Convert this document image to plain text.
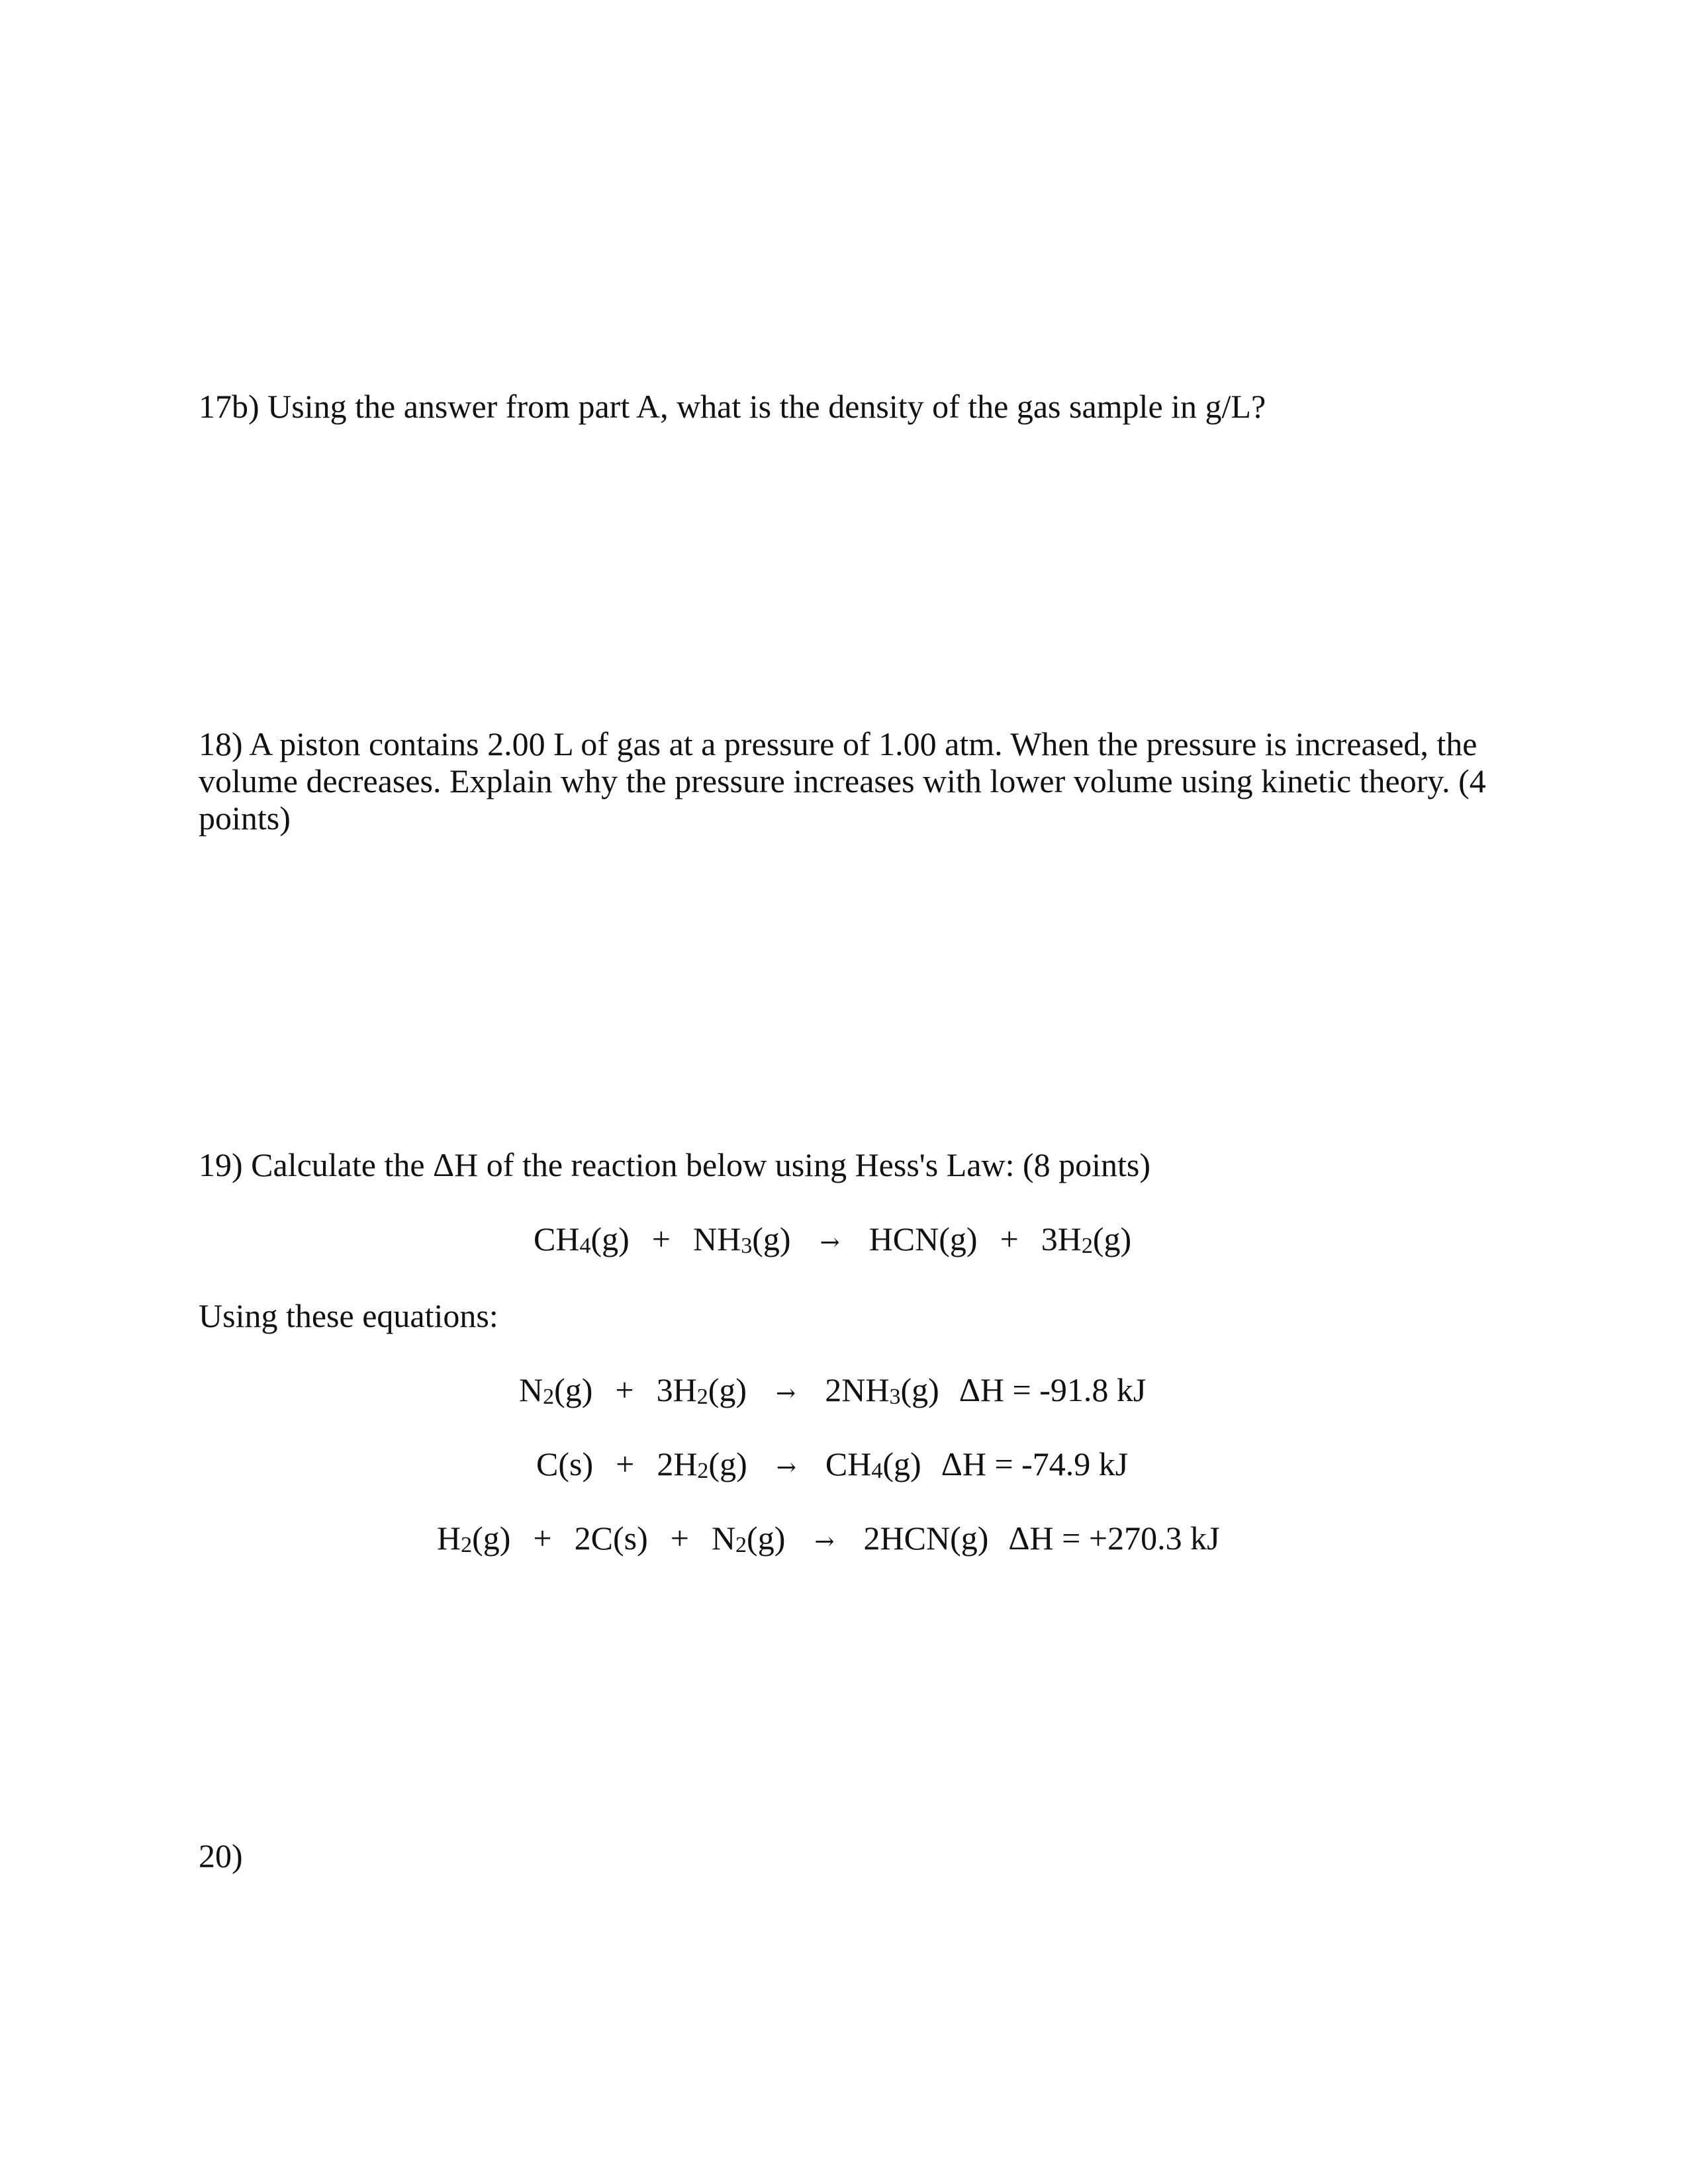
17b) Using the answer from part A, what is the density of the gas sample in g/L?
18) A piston contains 2.00 L of gas at a pressure of 1.00 atm. When the pressure is increased, the volume decreases. Explain why the pressure increases with lower volume using kinetic theory. (4 points)
19) Calculate the ΔH of the reaction below using Hess's Law: (8 points)
$CH_4(g) + NH_3(g) \to HCN(g) + 3H_2(g)$
Using these equations:
$N_2(g) + 3H_2(g) \to 2NH_3(g) \Delta H = -91.8$ kJ
$C(s) + 2H_2(g) \to CH_4(g) \Delta H = -74.9$ kJ
$H_2(g) + 2C(s) + N_2(g) \to 2HCN(g) \Delta H = +270.3$ kJ
20)
